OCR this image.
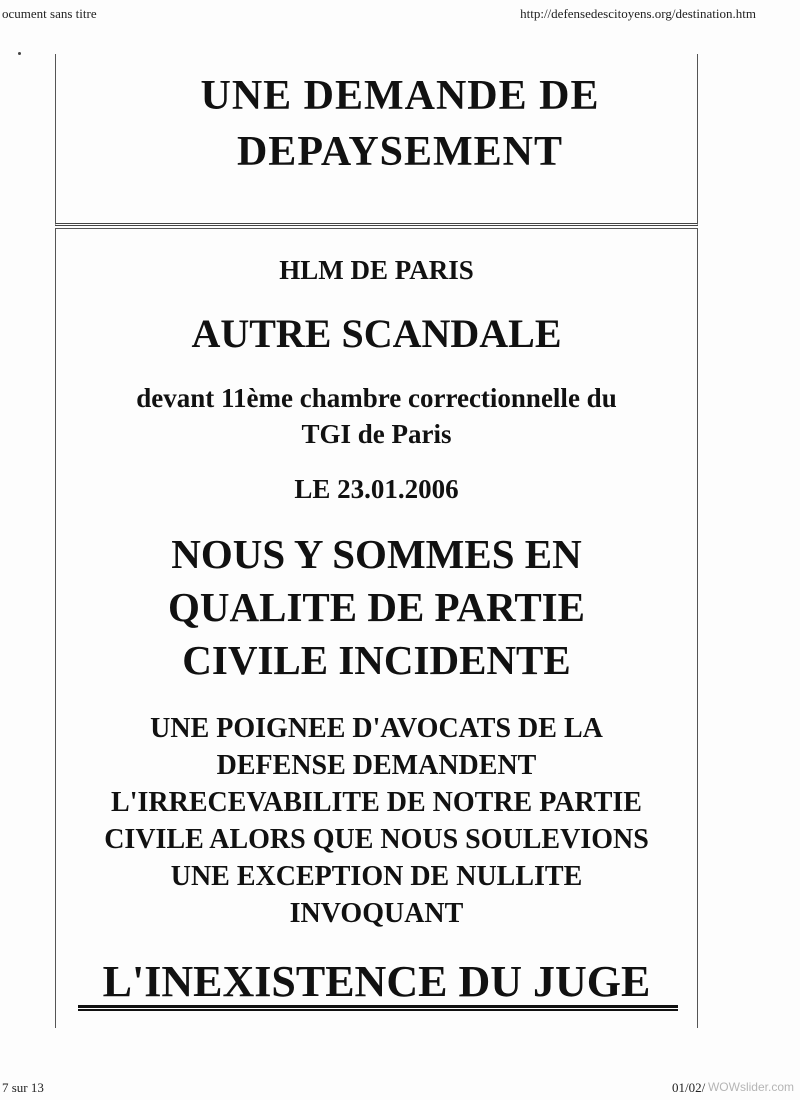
ocument sans titre	http://defensedescitoyens.org/destination.htm
UNE DEMANDE DE
DEPAYSEMENT
HLM DE PARIS
AUTRE SCANDALE
devant 11ème chambre correctionnelle du
TGI de Paris
LE 23.01.2006
NOUS Y SOMMES EN
QUALITE DE PARTIE
CIVILE INCIDENTE
UNE POIGNEE D'AVOCATS DE LA
DEFENSE DEMANDENT
L'IRRECEVABILITE DE NOTRE PARTIE
CIVILE ALORS QUE NOUS SOULEVIONS
UNE EXCEPTION DE NULLITE
INVOQUANT
L'INEXISTENCE DU JUGE
7 sur 13	01/02/ WOWslider.com
